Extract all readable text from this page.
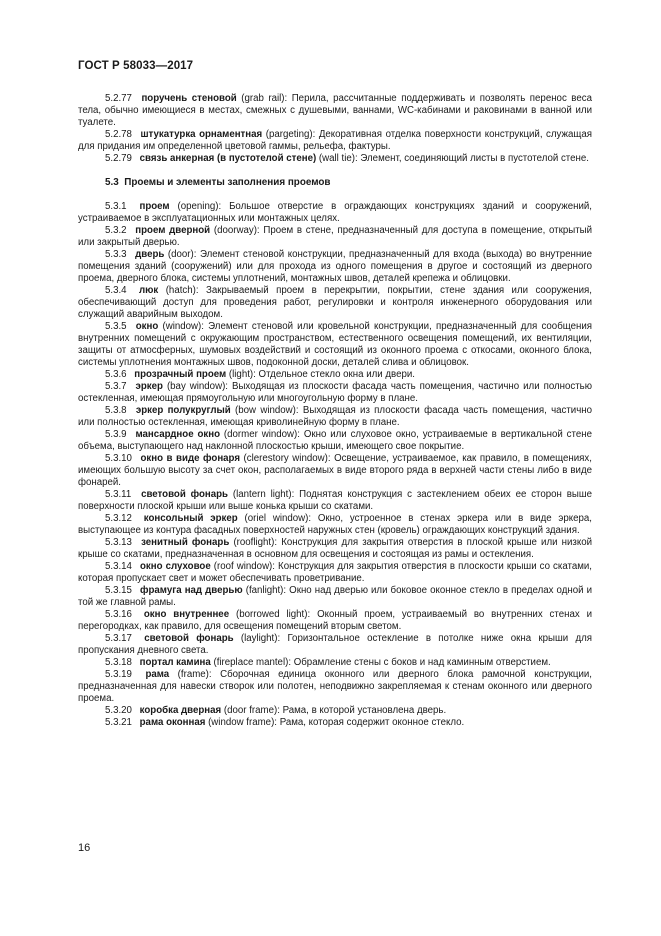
ГОСТ Р 58033—2017

5.2.77 поручень стеновой (grab rail): Перила, рассчитанные поддерживать и позволять перенос веса тела, обычно имеющиеся в местах, смежных с душевыми, ваннами, WC-кабинами и раковинами в ванной или туалете.

5.2.78 штукатурка орнаментная (pargeting): Декоративная отделка поверхности конструкций, служащая для придания им определенной цветовой гаммы, рельефа, фактуры.

5.2.79 связь анкерная (в пустотелой стене) (wall tie): Элемент, соединяющий листы в пустотелой стене.

5.3 Проемы и элементы заполнения проемов

5.3.1 проем (opening): Большое отверстие в ограждающих конструкциях зданий и сооружений, устраиваемое в эксплуатационных или монтажных целях.

5.3.2 проем дверной (doorway): Проем в стене, предназначенный для доступа в помещение, открытый или закрытый дверью.

5.3.3 дверь (door): Элемент стеновой конструкции, предназначенный для входа (выхода) во внутренние помещения зданий (сооружений) или для прохода из одного помещения в другое и состоящий из дверного проема, дверного блока, системы уплотнений, монтажных швов, деталей крепежа и облицовки.

5.3.4 люк (hatch): Закрываемый проем в перекрытии, покрытии, стене здания или сооружения, обеспечивающий доступ для проведения работ, регулировки и контроля инженерного оборудования или служащий аварийным выходом.

5.3.5 окно (window): Элемент стеновой или кровельной конструкции, предназначенный для сообщения внутренних помещений с окружающим пространством, естественного освещения помещений, их вентиляции, защиты от атмосферных, шумовых воздействий и состоящий из оконного проема с откосами, оконного блока, системы уплотнения монтажных швов, подоконной доски, деталей слива и облицовок.

5.3.6 прозрачный проем (light): Отдельное стекло окна или двери.

5.3.7 эркер (bay window): Выходящая из плоскости фасада часть помещения, частично или полностью остекленная, имеющая прямоугольную или многоугольную форму в плане.

5.3.8 эркер полукруглый (bow window): Выходящая из плоскости фасада часть помещения, частично или полностью остекленная, имеющая криволинейную форму в плане.

5.3.9 мансардное окно (dormer window): Окно или слуховое окно, устраиваемые в вертикальной стене объема, выступающего над наклонной плоскостью крыши, имеющего свое покрытие.

5.3.10 окно в виде фонаря (clerestory window): Освещение, устраиваемое, как правило, в помещениях, имеющих большую высоту за счет окон, располагаемых в виде второго ряда в верхней части стены либо в виде фонарей.

5.3.11 световой фонарь (lantern light): Поднятая конструкция с застеклением обеих ее сторон выше поверхности плоской крыши или выше конька крыши со скатами.

5.3.12 консольный эркер (oriel window): Окно, устроенное в стенах эркера или в виде эркера, выступающее из контура фасадных поверхностей наружных стен (кровель) ограждающих конструкций здания.

5.3.13 зенитный фонарь (rooflight): Конструкция для закрытия отверстия в плоской крыше или низкой крыше со скатами, предназначенная в основном для освещения и состоящая из рамы и остекления.

5.3.14 окно слуховое (roof window): Конструкция для закрытия отверстия в плоскости крыши со скатами, которая пропускает свет и может обеспечивать проветривание.

5.3.15 фрамуга над дверью (fanlight): Окно над дверью или боковое оконное стекло в пределах одной и той же главной рамы.

5.3.16 окно внутреннее (borrowed light): Оконный проем, устраиваемый во внутренних стенах и перегородках, как правило, для освещения помещений вторым светом.

5.3.17 световой фонарь (laylight): Горизонтальное остекление в потолке ниже окна крыши для пропускания дневного света.

5.3.18 портал камина (fireplace mantel): Обрамление стены с боков и над каминным отверстием.

5.3.19 рама (frame): Сборочная единица оконного или дверного блока рамочной конструкции, предназначенная для навески створок или полотен, неподвижно закрепляемая к стенам оконного или дверного проема.

5.3.20 коробка дверная (door frame): Рама, в которой установлена дверь.

5.3.21 рама оконная (window frame): Рама, которая содержит оконное стекло.

16
